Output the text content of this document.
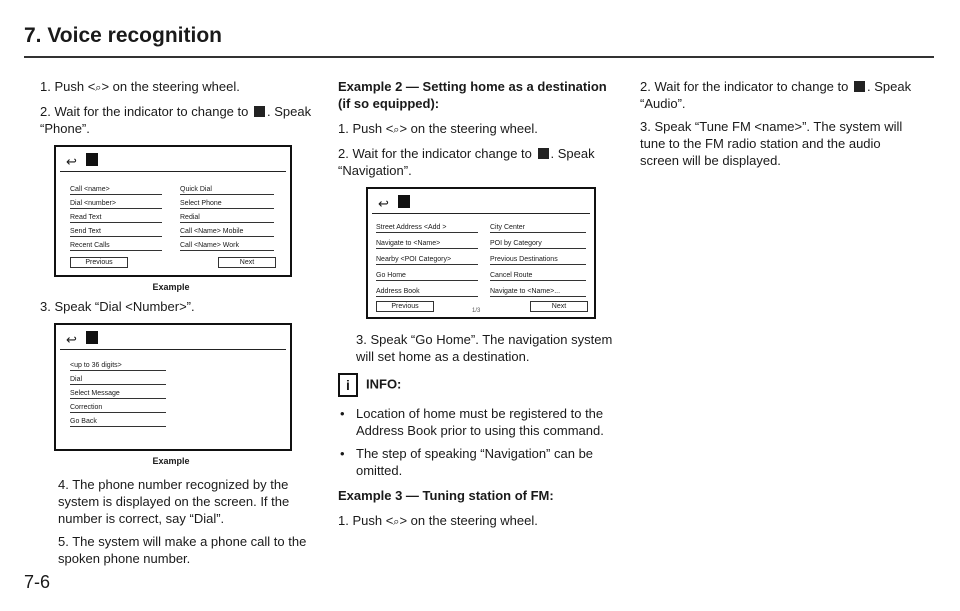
7. Voice recognition
1. Push <⌕> on the steering wheel.
2. Wait for the indicator to change to . Speak “Phone”.
↩
Call <name>
Dial <number>
Read Text
Send Text
Recent Calls
Quick Dial
Select Phone
Redial
Call <Name> Mobile
Call <Name> Work
Previous	Next
Example
3. Speak “Dial <Number>”.
↩
<up to 36 digits>
Dial
Select Message
Correction
Go Back
Example
4. The phone number recognized by the system is displayed on the screen. If the number is correct, say “Dial”.
5. The system will make a phone call to the spoken phone number.
Example 2 — Setting home as a destination (if so equipped):
1. Push <⌕> on the steering wheel.
2. Wait for the indicator change to . Speak “Navigation”.
↩
Street Address <Add >
Navigate to <Name>
Nearby <POI Category>
Go Home
Address Book
City Center
POI by Category
Previous Destinations
Cancel Route
Navigate to <Name>...
Previous
1/3
Next
3. Speak “Go Home”. The navigation system will set home as a destination.
i INFO:
• Location of home must be registered to the Address Book prior to using this command.
• The step of speaking “Navigation” can be omitted.
Example 3 — Tuning station of FM:
1. Push <⌕> on the steering wheel.
2. Wait for the indicator to change to . Speak “Audio”.
3. Speak “Tune FM <name>”. The system will tune to the FM radio station and the audio screen will be displayed.
7-6
